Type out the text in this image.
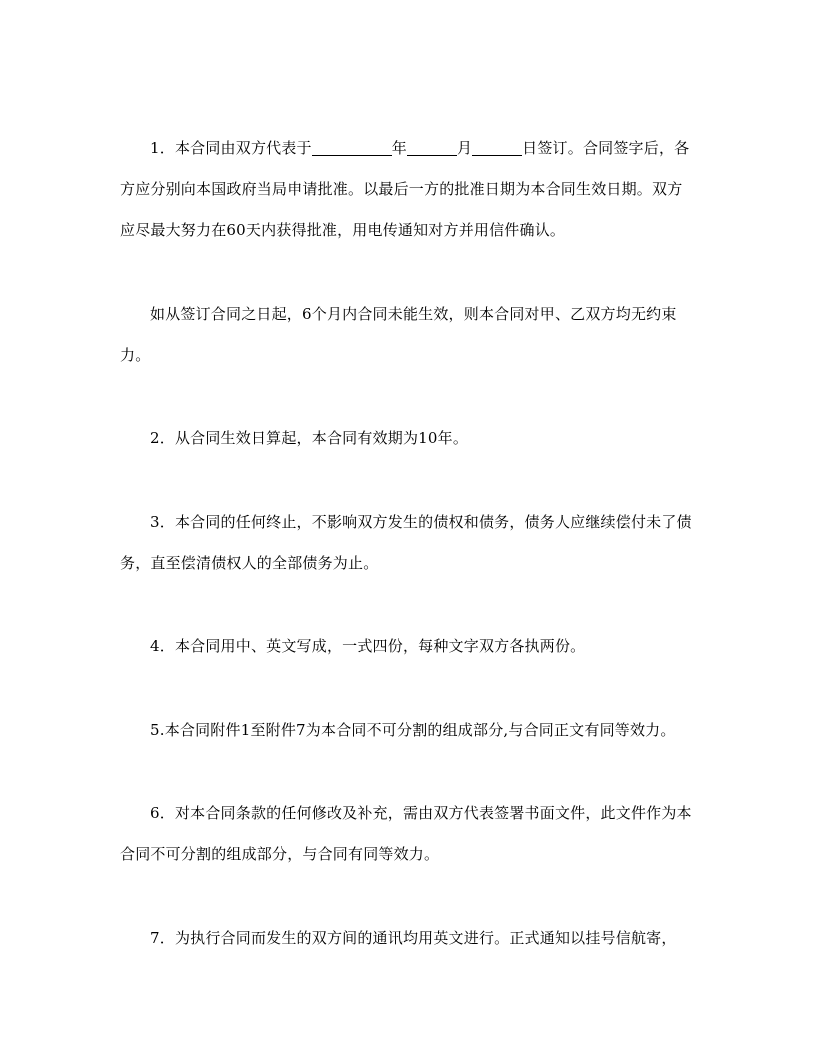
1．本合同由双方代表于	年	月	日签订。合同签字后，各方应分别向本国政府当局申请批准。以最后一方的批准日期为本合同生效日期。双方应尽最大努力在60天内获得批准，用电传通知对方并用信件确认。

如从签订合同之日起，6个月内合同未能生效，则本合同对甲、乙双方均无约束力。

2．从合同生效日算起，本合同有效期为10年。

3．本合同的任何终止，不影响双方发生的债权和债务，债务人应继续偿付未了债务，直至偿清债权人的全部债务为止。

4．本合同用中、英文写成，一式四份，每种文字双方各执两份。

5.本合同附件1至附件7为本合同不可分割的组成部分,与合同正文有同等效力。

6．对本合同条款的任何修改及补充，需由双方代表签署书面文件，此文件作为本合同不可分割的组成部分，与合同有同等效力。

7．为执行合同而发生的双方间的通讯均用英文进行。正式通知以挂号信航寄，
